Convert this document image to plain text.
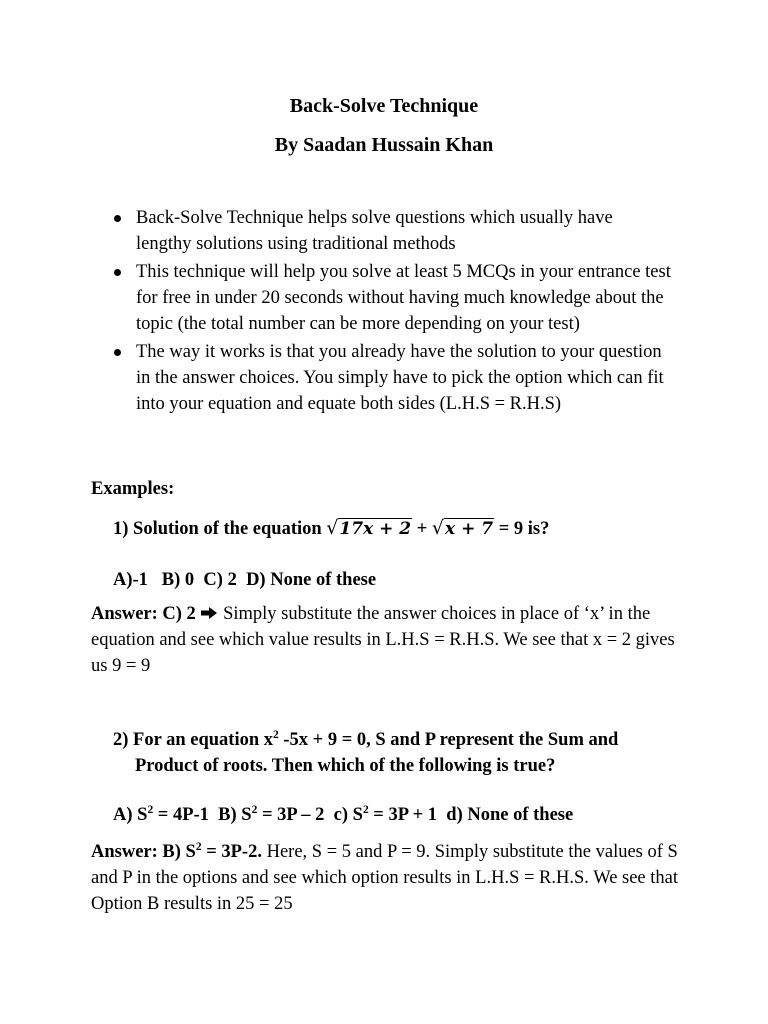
Back-Solve Technique
By Saadan Hussain Khan
Back-Solve Technique helps solve questions which usually have lengthy solutions using traditional methods
This technique will help you solve at least 5 MCQs in your entrance test for free in under 20 seconds without having much knowledge about the topic (the total number can be more depending on your test)
The way it works is that you already have the solution to your question in the answer choices. You simply have to pick the option which can fit into your equation and equate both sides (L.H.S = R.H.S)
Examples:
1) Solution of the equation √17x + 2 + √x + 7 = 9 is?
A)-1   B) 0  C) 2  D) None of these
Answer: C) 2 Simply substitute the answer choices in place of ‘x’ in the equation and see which value results in L.H.S = R.H.S. We see that x = 2 gives us 9 = 9
2) For an equation $x^2$ -5x + 9 = 0, S and P represent the Sum and
Product of roots. Then which of the following is true?
A) $S^2 = 4P-1$  B) $S^2 = 3P - 2$  c) $S^2 = 3P + 1$  d) None of these
Answer: B) $S^2 = 3P-2$. Here, S = 5 and P = 9. Simply substitute the values of S and P in the options and see which option results in L.H.S = R.H.S. We see that Option B results in 25 = 25
